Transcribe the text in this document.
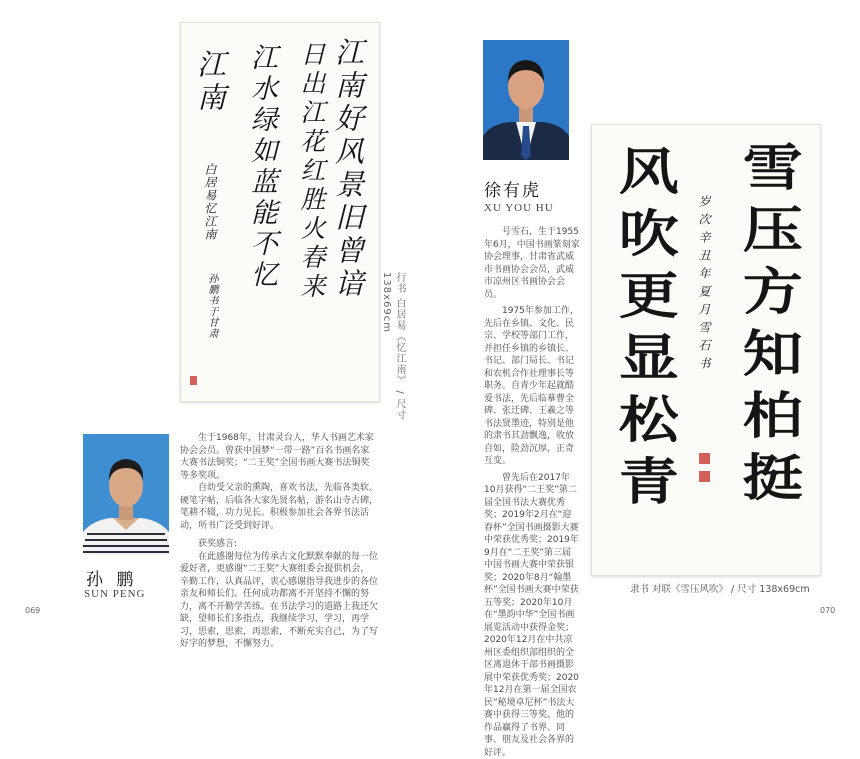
江南好风景旧曾谙
日出江花红胜火春来
江水绿如蓝能不忆
江南
白居易忆江南
孙鹏书于甘肃	行书 白居易《忆江南》 / 尺寸 138x69cm
孙 鹏
SUN PENG

生于1968年，甘肃灵台人，华人书画艺术家协会会员。曾获中国梦“一带一路”百名书画名家大赛书法铜奖；“二王奖”全国书画大赛书法铜奖等多奖项。

自幼受父亲的熏陶，喜欢书法，先临各类软、硬笔字帖，后临各大家先贤名帖，游名山寺古碑，笔耕不辍，功力见长。积极参加社会各界书法活动，所书广泛受到好评。

获奖感言:

在此感谢每位为传承古文化默默奉献的每一位爱好者，更感谢“二王奖”大赛组委会提供机会，辛勤工作，认真品评，衷心感谢指导我进步的各位亲友和师长们。任何成功都离不开坚持不懈的努力，离不开勤学苦练。在书法学习的道路上我还欠缺，望师长们多指点，我继续学习，学习，再学习，思索，思索，再思索，不断充实自己，为了写好字的梦想，不懈努力。

069
徐有虎
XU YOU HU

号雪石，生于1955年6月，中国书画篆刻家协会理事，甘肃省武威市书画协会会员，武威市凉州区书画协会会员。

1975年参加工作，先后在乡镇、文化、民宗、学校等部门工作，并担任乡镇的乡镇长、书记、部门局长、书记和农机合作社理事长等职务。自青少年起就酷爱书法，先后临摹曹全碑、张迁碑、王羲之等书法贤墨迹，特别是他的隶书其劲飘逸，收放自如，险劲沉厚，正奇互变。

曾先后在2017年10月获得“二王奖”第二届全国书法大赛优秀奖；2019年2月在“迎春杯”全国书画摄影大赛中荣获优秀奖；2019年9月在“二王奖”第三届中国书画大赛中荣获银奖；2020年8月“翰墨杯”全国书画大赛中荣获五等奖；2020年10月在“墨韵中华”全国书画展览活动中获得金奖；2020年12月在中共凉州区委组织部组织的全区离退休干部书画摄影展中荣获优秀奖；2020年12月在第一届全国农民“秘境卓尼杯”书法大赛中获得三等奖。他的作品赢得了书界、同事、朋友及社会各界的好评。

雪压方知柏挺
风吹更显松青	岁次辛丑年夏月雪石书
隶书 对联《雪压风吹》 / 尺寸 138x69cm
070
